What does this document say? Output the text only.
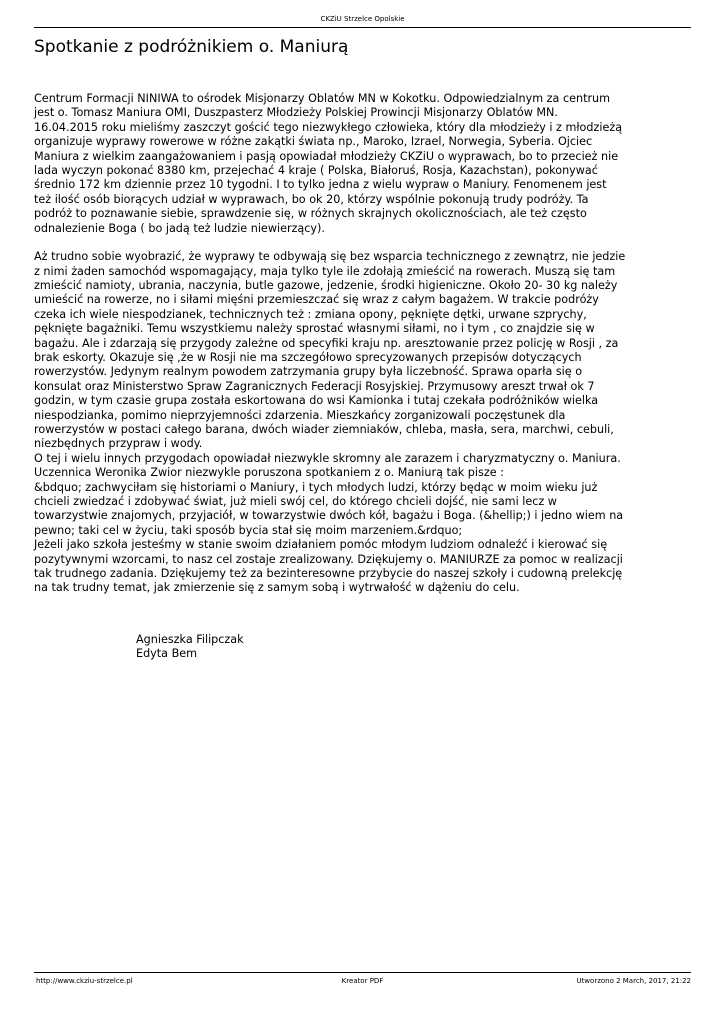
CKZiU Strzelce Opolskie
Spotkanie z podróżnikiem o. Maniurą
Centrum Formacji NINIWA to ośrodek Misjonarzy Oblatów MN w Kokotku. Odpowiedzialnym za centrum
jest o. Tomasz Maniura OMI, Duszpasterz Młodzieży Polskiej Prowincji Misjonarzy Oblatów MN.
16.04.2015 roku mieliśmy zaszczyt gościć tego niezwykłego człowieka, który dla młodzieży i z młodzieżą
organizuje wyprawy rowerowe w różne zakątki świata np., Maroko, Izrael, Norwegia, Syberia. Ojciec
Maniura z wielkim zaangażowaniem i pasją opowiadał młodzieży CKZiU o wyprawach, bo to przecież nie
lada wyczyn pokonać 8380 km, przejechać 4 kraje ( Polska, Białoruś, Rosja, Kazachstan), pokonywać
średnio 172 km dziennie przez 10 tygodni. I to tylko jedna z wielu wypraw o Maniury. Fenomenem jest
też ilość osób biorących udział w wyprawach, bo ok 20, którzy wspólnie pokonują trudy podróży. Ta
podróż to poznawanie siebie, sprawdzenie się, w różnych skrajnych okolicznościach, ale też często
odnalezienie Boga ( bo jadą też ludzie niewierzący).
Aż trudno sobie wyobrazić, że wyprawy te odbywają się bez wsparcia technicznego z zewnątrz, nie jedzie
z nimi żaden samochód wspomagający, maja tylko tyle ile zdołają zmieścić na rowerach. Muszą się tam
zmieścić namioty, ubrania, naczynia, butle gazowe, jedzenie, środki higieniczne. Około 20- 30 kg należy
umieścić na rowerze, no i siłami mięśni przemieszczać się wraz z całym bagażem. W trakcie podróży
czeka ich wiele niespodzianek, technicznych też : zmiana opony, pęknięte dętki, urwane szprychy,
pęknięte bagażniki. Temu wszystkiemu należy sprostać własnymi siłami, no i tym , co znajdzie się w
bagażu. Ale i zdarzają się przygody zależne od specyfiki kraju np. aresztowanie przez policję w Rosji , za
brak eskorty. Okazuje się ,że w Rosji nie ma szczegółowo sprecyzowanych przepisów dotyczących
rowerzystów. Jedynym realnym powodem zatrzymania grupy była liczebność. Sprawa oparła się o
konsulat oraz Ministerstwo Spraw Zagranicznych Federacji Rosyjskiej. Przymusowy areszt trwał ok 7
godzin, w tym czasie grupa została eskortowana do wsi Kamionka i tutaj czekała podróżników wielka
niespodzianka, pomimo nieprzyjemności zdarzenia. Mieszkańcy zorganizowali poczęstunek dla
rowerzystów w postaci całego barana, dwóch wiader ziemniaków, chleba, masła, sera, marchwi, cebuli,
niezbędnych przypraw i wody.
O tej i wielu innych przygodach opowiadał niezwykle skromny ale zarazem i charyzmatyczny o. Maniura.
Uczennica Weronika Zwior niezwykle poruszona spotkaniem z o. Maniurą tak pisze :
&bdquo; zachwyciłam się historiami o Maniury, i tych młodych ludzi, którzy będąc w moim wieku już
chcieli zwiedzać i zdobywać świat, już mieli swój cel, do którego chcieli dojść, nie sami lecz w
towarzystwie znajomych, przyjaciół, w towarzystwie dwóch kół, bagażu i Boga. (&hellip;) i jedno wiem na
pewno; taki cel w życiu, taki sposób bycia stał się moim marzeniem.&rdquo;
Jeżeli jako szkoła jesteśmy w stanie swoim działaniem pomóc młodym ludziom odnaleźć i kierować się
pozytywnymi wzorcami, to nasz cel zostaje zrealizowany. Dziękujemy o. MANIURZE za pomoc w realizacji
tak trudnego zadania. Dziękujemy też za bezinteresowne przybycie do naszej szkoły i cudowną prelekcję
na tak trudny temat, jak zmierzenie się z samym sobą i wytrwałość w dążeniu do celu.
Agnieszka Filipczak
Edyta Bem
http://www.ckziu-strzelce.pl	Kreator PDF	Utworzono 2 March, 2017, 21:22
